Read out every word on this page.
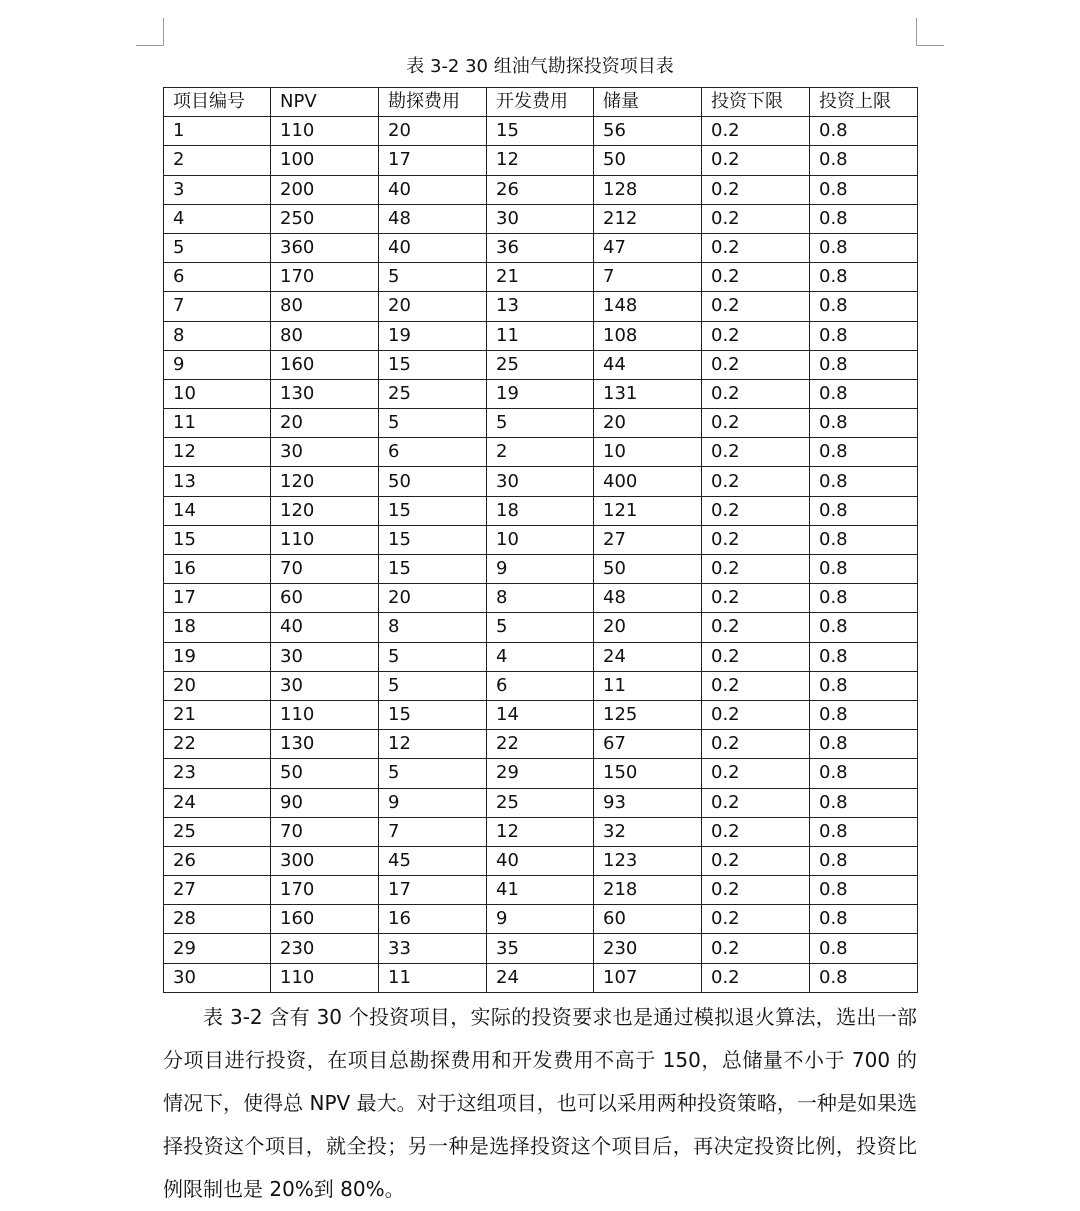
表 3-2 30 组油气勘探投资项目表
项目编号	NPV	勘探费用	开发费用	储量	投资下限	投资上限
1	110	20	15	56	0.2	0.8
2	100	17	12	50	0.2	0.8
3	200	40	26	128	0.2	0.8
4	250	48	30	212	0.2	0.8
5	360	40	36	47	0.2	0.8
6	170	5	21	7	0.2	0.8
7	80	20	13	148	0.2	0.8
8	80	19	11	108	0.2	0.8
9	160	15	25	44	0.2	0.8
10	130	25	19	131	0.2	0.8
11	20	5	5	20	0.2	0.8
12	30	6	2	10	0.2	0.8
13	120	50	30	400	0.2	0.8
14	120	15	18	121	0.2	0.8
15	110	15	10	27	0.2	0.8
16	70	15	9	50	0.2	0.8
17	60	20	8	48	0.2	0.8
18	40	8	5	20	0.2	0.8
19	30	5	4	24	0.2	0.8
20	30	5	6	11	0.2	0.8
21	110	15	14	125	0.2	0.8
22	130	12	22	67	0.2	0.8
23	50	5	29	150	0.2	0.8
24	90	9	25	93	0.2	0.8
25	70	7	12	32	0.2	0.8
26	300	45	40	123	0.2	0.8
27	170	17	41	218	0.2	0.8
28	160	16	9	60	0.2	0.8
29	230	33	35	230	0.2	0.8
30	110	11	24	107	0.2	0.8

表 3-2 含有 30 个投资项目，实际的投资要求也是通过模拟退火算法，选出一部分项目进行投资，在项目总勘探费用和开发费用不高于 150，总储量不小于 700 的情况下，使得总 NPV 最大。对于这组项目，也可以采用两种投资策略，一种是如果选择投资这个项目，就全投；另一种是选择投资这个项目后，再决定投资比例，投资比例限制也是 20%到 80%。
